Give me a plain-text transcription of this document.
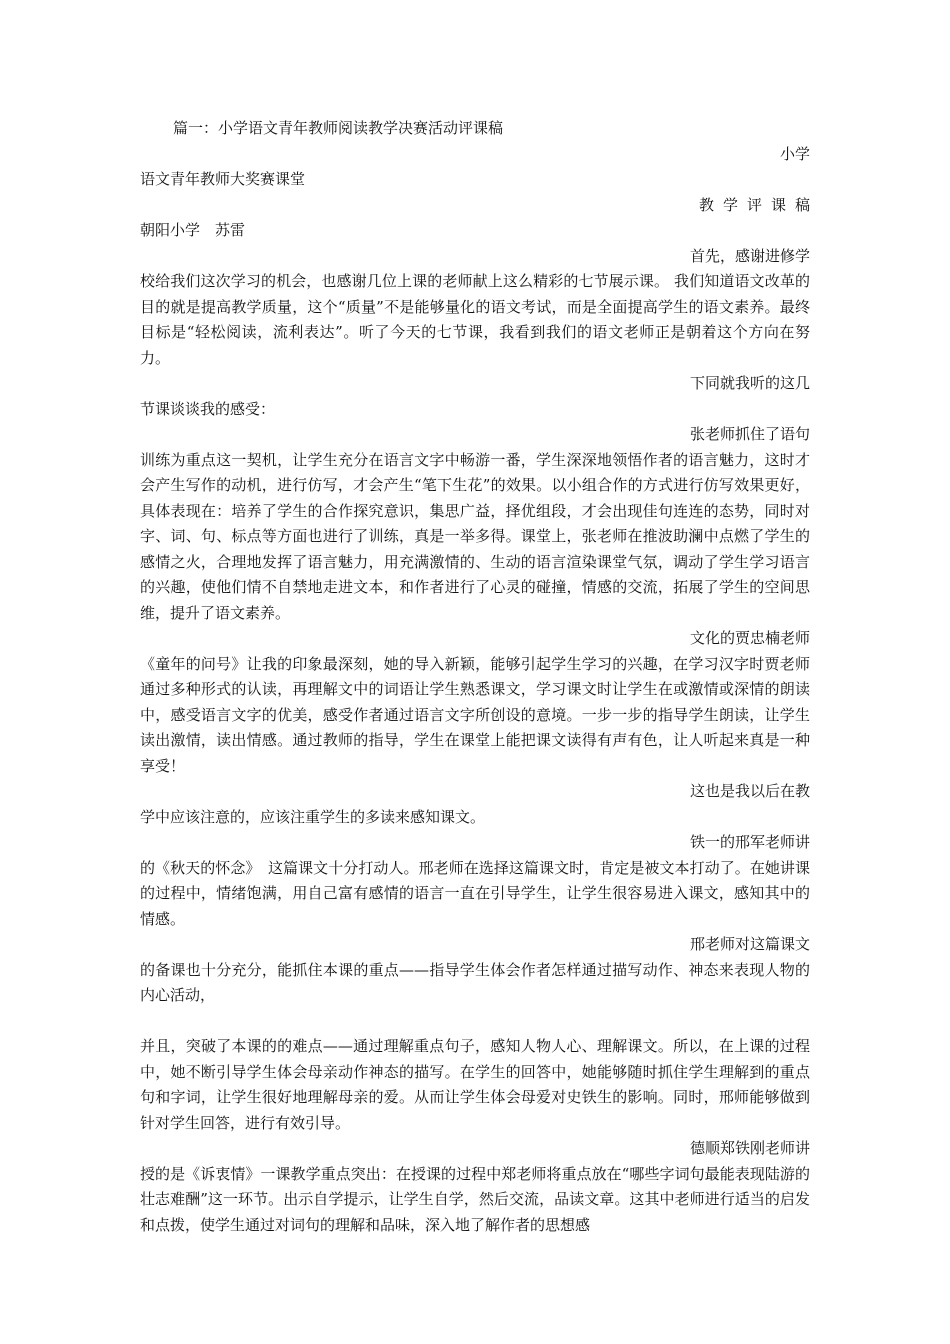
篇一：小学语文青年教师阅读教学决赛活动评课稿
小学
语文青年教师大奖赛课堂
教学评课稿
朝阳小学　苏雷
首先，感谢进修学
校给我们这次学习的机会，也感谢几位上课的老师献上这么精彩的七节展示课。 我们知道语文改革的目的就是提高教学质量，这个“质量”不是能够量化的语文考试，而是全面提高学生的语文素养。最终目标是“轻松阅读，流利表达”。听了今天的七节课，我看到我们的语文老师正是朝着这个方向在努力。
下同就我听的这几
节课谈谈我的感受：
张老师抓住了语句
训练为重点这一契机，让学生充分在语言文字中畅游一番，学生深深地领悟作者的语言魅力，这时才会产生写作的动机，进行仿写，才会产生“笔下生花”的效果。以小组合作的方式进行仿写效果更好，具体表现在：培养了学生的合作探究意识，集思广益，择优组段，才会出现佳句连连的态势，同时对字、词、句、标点等方面也进行了训练，真是一举多得。课堂上，张老师在推波助澜中点燃了学生的感情之火，合理地发挥了语言魅力，用充满激情的、生动的语言渲染课堂气氛，调动了学生学习语言的兴趣，使他们情不自禁地走进文本，和作者进行了心灵的碰撞，情感的交流，拓展了学生的空间思维，提升了语文素养。
文化的贾忠楠老师
《童年的问号》让我的印象最深刻，她的导入新颖，能够引起学生学习的兴趣，在学习汉字时贾老师通过多种形式的认读，再理解文中的词语让学生熟悉课文，学习课文时让学生在或激情或深情的朗读中，感受语言文字的优美，感受作者通过语言文字所创设的意境。一步一步的指导学生朗读，让学生读出激情，读出情感。通过教师的指导，学生在课堂上能把课文读得有声有色，让人听起来真是一种享受！
这也是我以后在教
学中应该注意的，应该注重学生的多读来感知课文。
铁一的邢军老师讲
的《秋天的怀念》　这篇课文十分打动人。邢老师在选择这篇课文时，肯定是被文本打动了。在她讲课的过程中，情绪饱满，用自己富有感情的语言一直在引导学生，让学生很容易进入课文，感知其中的情感。
邢老师对这篇课文
的备课也十分充分，能抓住本课的重点——指导学生体会作者怎样通过描写动作、神态来表现人物的内心活动，
并且，突破了本课的的难点——通过理解重点句子，感知人物人心、理解课文。所以，在上课的过程中，她不断引导学生体会母亲动作神态的描写。在学生的回答中，她能够随时抓住学生理解到的重点句和字词，让学生很好地理解母亲的爱。从而让学生体会母爱对史铁生的影响。同时，邢师能够做到针对学生回答，进行有效引导。
德顺郑铁刚老师讲
授的是《诉衷情》一课教学重点突出：在授课的过程中郑老师将重点放在“哪些字词句最能表现陆游的壮志难酬”这一环节。出示自学提示，让学生自学，然后交流，品读文章。这其中老师进行适当的启发和点拨，使学生通过对词句的理解和品味，深入地了解作者的思想感
